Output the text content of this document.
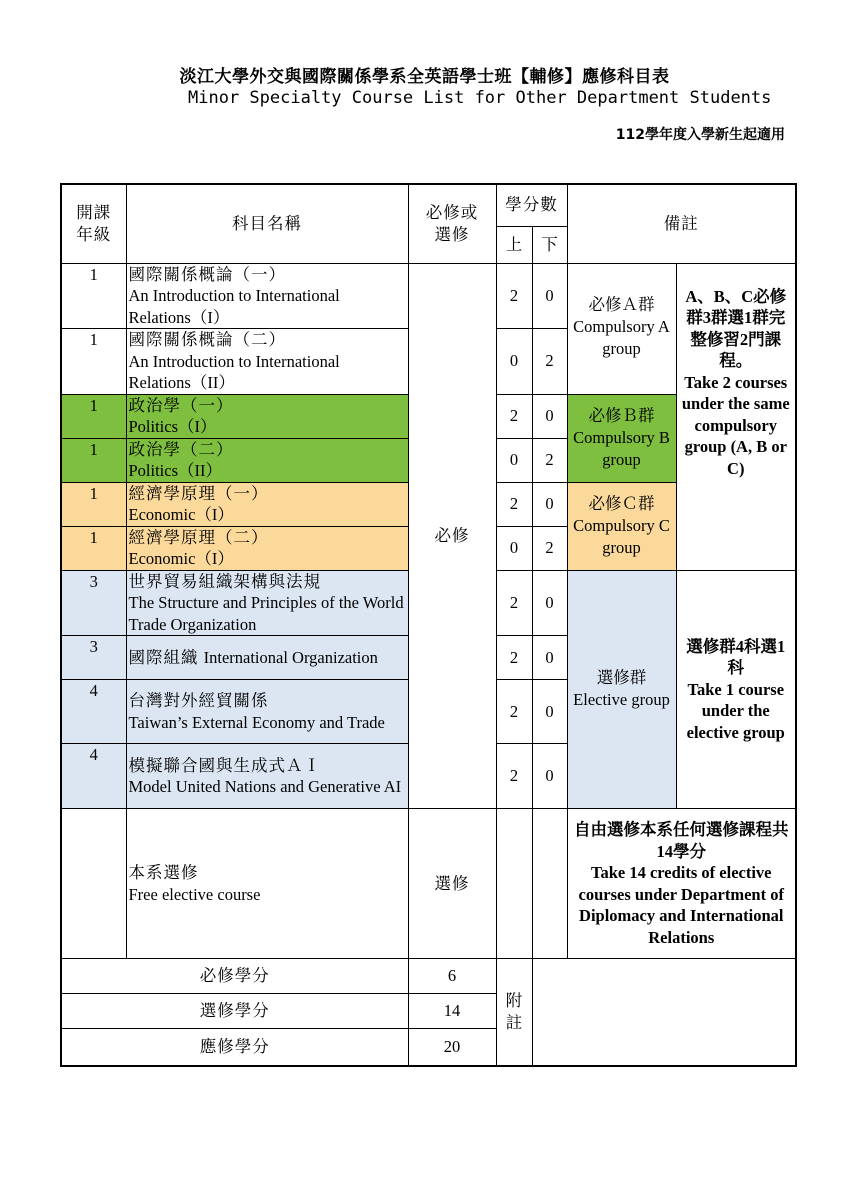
淡江大學外交與國際關係學系全英語學士班【輔修】應修科目表
Minor Specialty Course List for Other Department Students
112學年度入學新生起適用
開課
年級	科目名稱	必修或
選修	學分數		備註	
			上	下		
1	國際關係概論（一）
An Introduction to International Relations（I）	必修	2	0	必修Ａ群
Compulsory A group	A、B、C必修群3群選1群完整修習2門課程。
Take 2 courses under the same compulsory group (A, B or C)
1	國際關係概論（二）
An Introduction to International Relations（II）		0	2		
1	政治學（一）
Politics（I）		2	0	必修Ｂ群
Compulsory B group	
1	政治學（二）
Politics（II）		0	2		
1	經濟學原理（一）
Economic（I）		2	0	必修Ｃ群
Compulsory C group	
1	經濟學原理（二）
Economic（I）		0	2		
3	世界貿易組織架構與法規
The Structure and Principles of the World Trade Organization		2	0	選修群
Elective group	選修群4科選1科
Take 1 course under the elective group
3	國際組織 International Organization		2	0		
4	台灣對外經貿關係
Taiwan’s External Economy and Trade		2	0		
4	模擬聯合國與生成式ＡＩ
Model United Nations and Generative AI		2	0		
	本系選修
Free elective course	選修			自由選修本系任何選修課程共14學分
Take 14 credits of elective courses under Department of Diplomacy and International Relations	
必修學分		6	附
註			
選修學分		14				
應修學分		20				
